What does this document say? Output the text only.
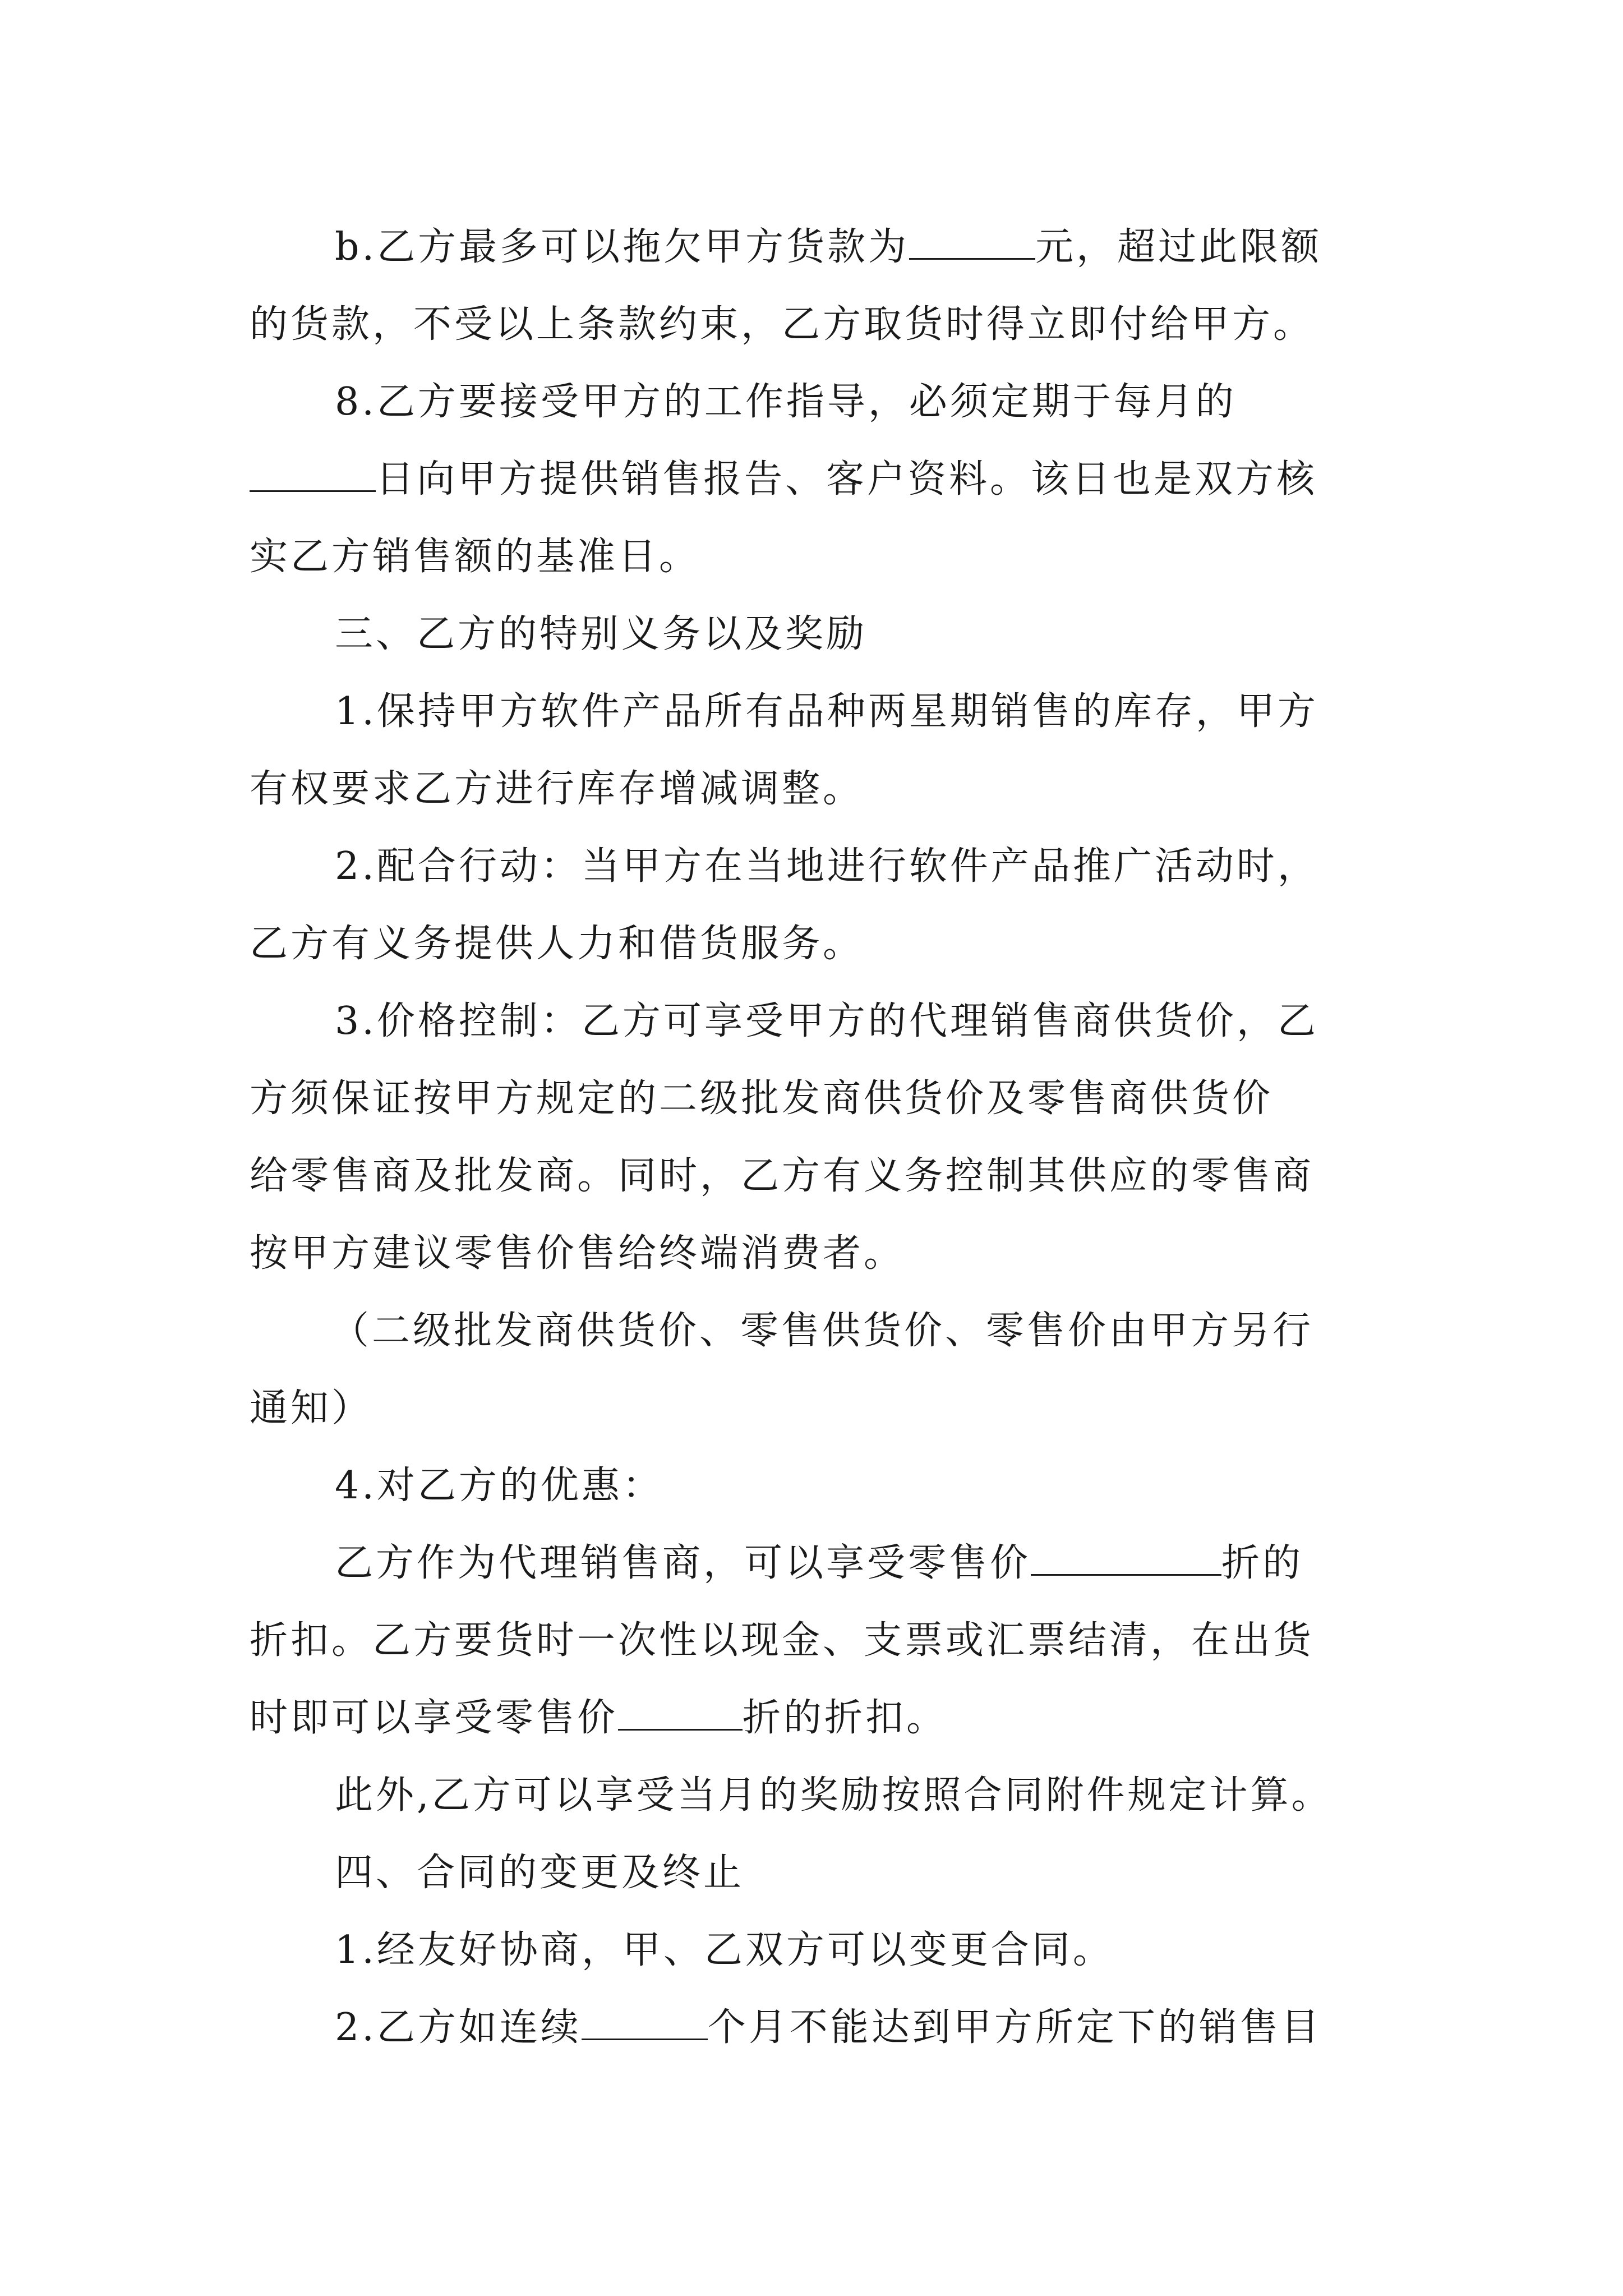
b.乙方最多可以拖欠甲方货款为	元，超过此限额
的货款，不受以上条款约束，乙方取货时得立即付给甲方。
8.乙方要接受甲方的工作指导，必须定期于每月的
日向甲方提供销售报告、客户资料。该日也是双方核
实乙方销售额的基准日。
三、乙方的特别义务以及奖励
1.保持甲方软件产品所有品种两星期销售的库存，甲方
有权要求乙方进行库存增减调整。
2.配合行动：当甲方在当地进行软件产品推广活动时，
乙方有义务提供人力和借货服务。
3.价格控制：乙方可享受甲方的代理销售商供货价，乙
方须保证按甲方规定的二级批发商供货价及零售商供货价
给零售商及批发商。同时，乙方有义务控制其供应的零售商
按甲方建议零售价售给终端消费者。
（二级批发商供货价、零售供货价、零售价由甲方另行
通知）
4.对乙方的优惠：
乙方作为代理销售商，可以享受零售价	折的
折扣。乙方要货时一次性以现金、支票或汇票结清，在出货
时即可以享受零售价	折的折扣。
此外,乙方可以享受当月的奖励按照合同附件规定计算。
四、合同的变更及终止
1.经友好协商，甲、乙双方可以变更合同。
2.乙方如连续	个月不能达到甲方所定下的销售目
